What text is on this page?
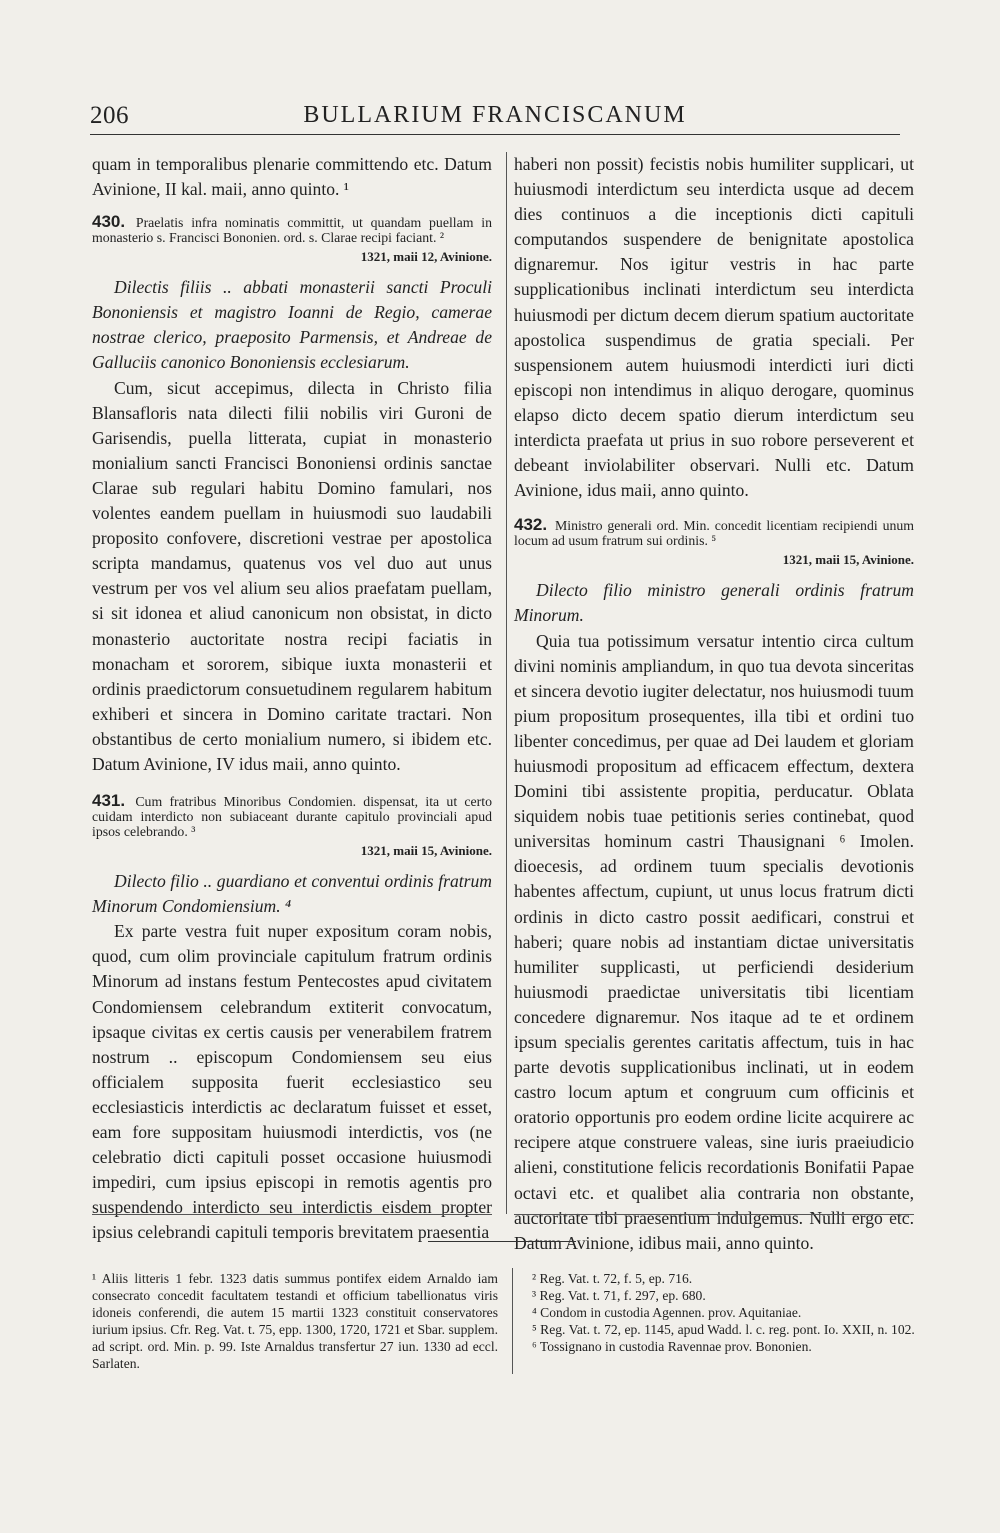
206	BULLARIUM FRANCISCANUM

quam in temporalibus plenarie committendo etc. Datum Avinione, II kal. maii, anno quinto. ¹

430. Praelatis infra nominatis committit, ut quandam puellam in monasterio s. Francisci Bononien. ord. s. Clarae recipi faciant. ²
1321, maii 12, Avinione.

Dilectis filiis .. abbati monasterii sancti Proculi Bononiensis et magistro Ioanni de Regio, camerae nostrae clerico, praeposito Parmensis, et Andreae de Galluciis canonico Bononiensis ecclesiarum.

Cum, sicut accepimus, dilecta in Christo filia Blansafloris nata dilecti filii nobilis viri Guroni de Garisendis, puella litterata, cupiat in monasterio monialium sancti Francisci Bononiensi ordinis sanctae Clarae sub regulari habitu Domino famulari, nos volentes eandem puellam in huiusmodi suo laudabili proposito confovere, discretioni vestrae per apostolica scripta mandamus, quatenus vos vel duo aut unus vestrum per vos vel alium seu alios praefatam puellam, si sit idonea et aliud canonicum non obsistat, in dicto monasterio auctoritate nostra recipi faciatis in monacham et sororem, sibique iuxta monasterii et ordinis praedictorum consuetudinem regularem habitum exhiberi et sincera in Domino caritate tractari. Non obstantibus de certo monialium numero, si ibidem etc. Datum Avinione, IV idus maii, anno quinto.

431. Cum fratribus Minoribus Condomien. dispensat, ita ut certo cuidam interdicto non subiaceant durante capitulo provinciali apud ipsos celebrando. ³
1321, maii 15, Avinione.

Dilecto filio .. guardiano et conventui ordinis fratrum Minorum Condomiensium. ⁴

Ex parte vestra fuit nuper expositum coram nobis, quod, cum olim provinciale capitulum fratrum ordinis Minorum ad instans festum Pentecostes apud civitatem Condomiensem celebrandum extiterit convocatum, ipsaque civitas ex certis causis per venerabilem fratrem nostrum .. episcopum Condomiensem seu eius officialem supposita fuerit ecclesiastico seu ecclesiasticis interdictis ac declaratum fuisset et esset, eam fore suppositam huiusmodi interdictis, vos (ne celebratio dicti capituli posset occasione huiusmodi impediri, cum ipsius episcopi in remotis agentis pro suspendendo interdicto seu interdictis eisdem propter ipsius celebrandi capituli temporis brevitatem praesentia

haberi non possit) fecistis nobis humiliter supplicari, ut huiusmodi interdictum seu interdicta usque ad decem dies continuos a die inceptionis dicti capituli computandos suspendere de benignitate apostolica dignaremur. Nos igitur vestris in hac parte supplicationibus inclinati interdictum seu interdicta huiusmodi per dictum decem dierum spatium auctoritate apostolica suspendimus de gratia speciali. Per suspensionem autem huiusmodi interdicti iuri dicti episcopi non intendimus in aliquo derogare, quominus elapso dicto decem spatio dierum interdictum seu interdicta praefata ut prius in suo robore perseverent et debeant inviolabiliter observari. Nulli etc. Datum Avinione, idus maii, anno quinto.

432. Ministro generali ord. Min. concedit licentiam recipiendi unum locum ad usum fratrum sui ordinis. ⁵
1321, maii 15, Avinione.

Dilecto filio ministro generali ordinis fratrum Minorum.

Quia tua potissimum versatur intentio circa cultum divini nominis ampliandum, in quo tua devota sinceritas et sincera devotio iugiter delectatur, nos huiusmodi tuum pium propositum prosequentes, illa tibi et ordini tuo libenter concedimus, per quae ad Dei laudem et gloriam huiusmodi propositum ad efficacem effectum, dextera Domini tibi assistente propitia, perducatur. Oblata siquidem nobis tuae petitionis series continebat, quod universitas hominum castri Thausignani ⁶ Imolen. dioecesis, ad ordinem tuum specialis devotionis habentes affectum, cupiunt, ut unus locus fratrum dicti ordinis in dicto castro possit aedificari, construi et haberi; quare nobis ad instantiam dictae universitatis humiliter supplicasti, ut perficiendi desiderium huiusmodi praedictae universitatis tibi licentiam concedere dignaremur. Nos itaque ad te et ordinem ipsum specialis gerentes caritatis affectum, tuis in hac parte devotis supplicationibus inclinati, ut in eodem castro locum aptum et congruum cum officinis et oratorio opportunis pro eodem ordine licite acquirere ac recipere atque construere valeas, sine iuris praeiudicio alieni, constitutione felicis recordationis Bonifatii Papae octavi etc. et qualibet alia contraria non obstante, auctoritate tibi praesentium indulgemus. Nulli ergo etc. Datum Avinione, idibus maii, anno quinto.

¹ Aliis litteris 1 febr. 1323 datis summus pontifex eidem Arnaldo iam consecrato concedit facultatem testandi et officium tabellionatus viris idoneis conferendi, die autem 15 martii 1323 constituit conservatores iurium ipsius. Cfr. Reg. Vat. t. 75, epp. 1300, 1720, 1721 et Sbar. supplem. ad script. ord. Min. p. 99. Iste Arnaldus transfertur 27 iun. 1330 ad eccl. Sarlaten.

² Reg. Vat. t. 72, f. 5, ep. 716.

³ Reg. Vat. t. 71, f. 297, ep. 680.

⁴ Condom in custodia Agennen. prov. Aquitaniae.

⁵ Reg. Vat. t. 72, ep. 1145, apud Wadd. l. c. reg. pont. Io. XXII, n. 102.

⁶ Tossignano in custodia Ravennae prov. Bononien.
